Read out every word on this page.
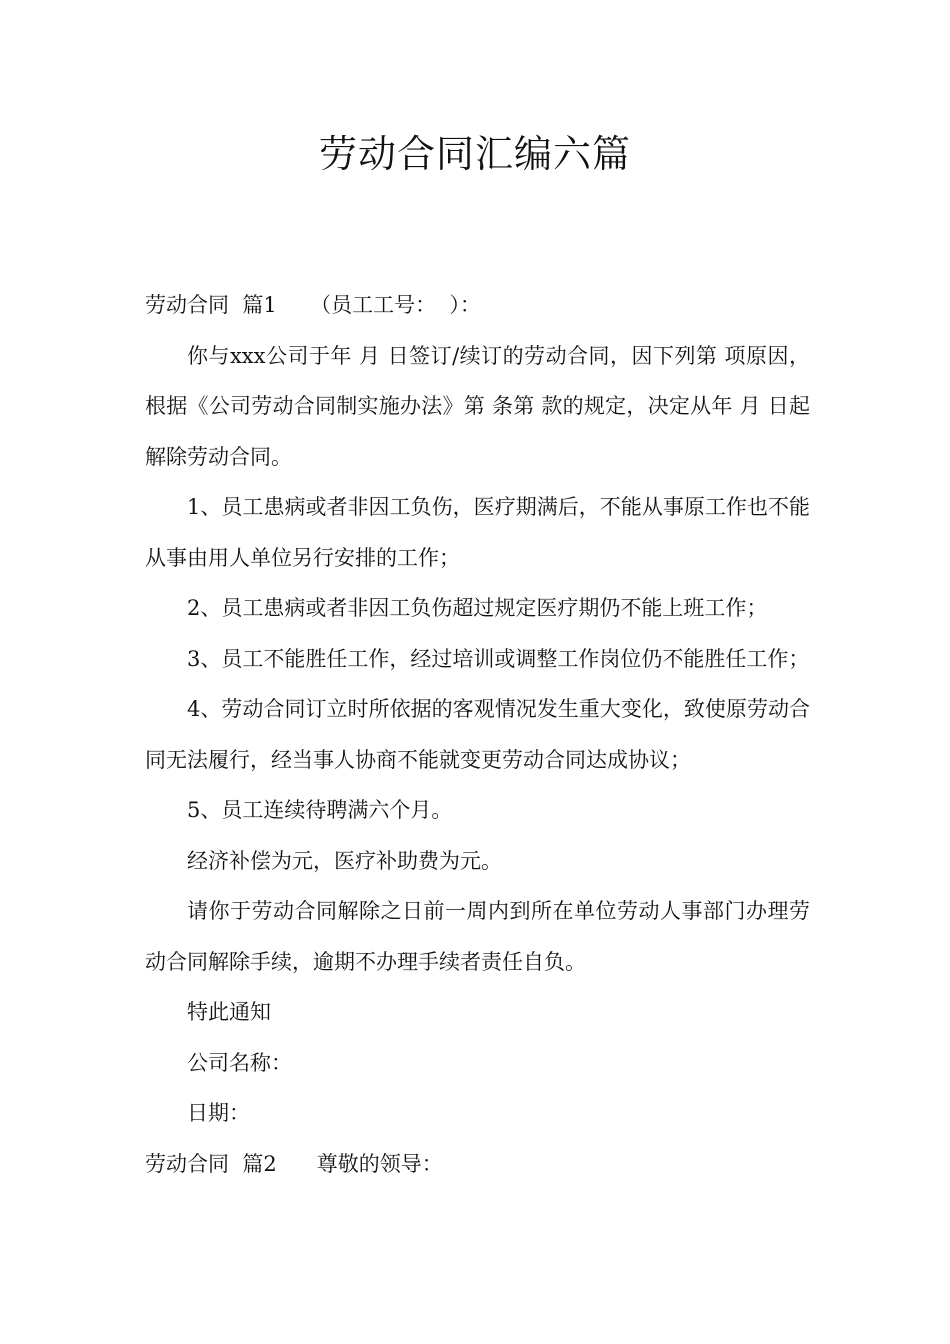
劳动合同汇编六篇

劳动合同  篇1     （员工工号：  ）：

你与xxx公司于年 月 日签订/续订的劳动合同，因下列第 项原因，根据《公司劳动合同制实施办法》第 条第 款的规定，决定从年 月 日起解除劳动合同。

1、员工患病或者非因工负伤，医疗期满后，不能从事原工作也不能从事由用人单位另行安排的工作；

2、员工患病或者非因工负伤超过规定医疗期仍不能上班工作；

3、员工不能胜任工作，经过培训或调整工作岗位仍不能胜任工作；

4、劳动合同订立时所依据的客观情况发生重大变化，致使原劳动合同无法履行，经当事人协商不能就变更劳动合同达成协议；

5、员工连续待聘满六个月。

经济补偿为元，医疗补助费为元。

请你于劳动合同解除之日前一周内到所在单位劳动人事部门办理劳动合同解除手续，逾期不办理手续者责任自负。

特此通知

公司名称：

日期：

劳动合同  篇2      尊敬的领导：
